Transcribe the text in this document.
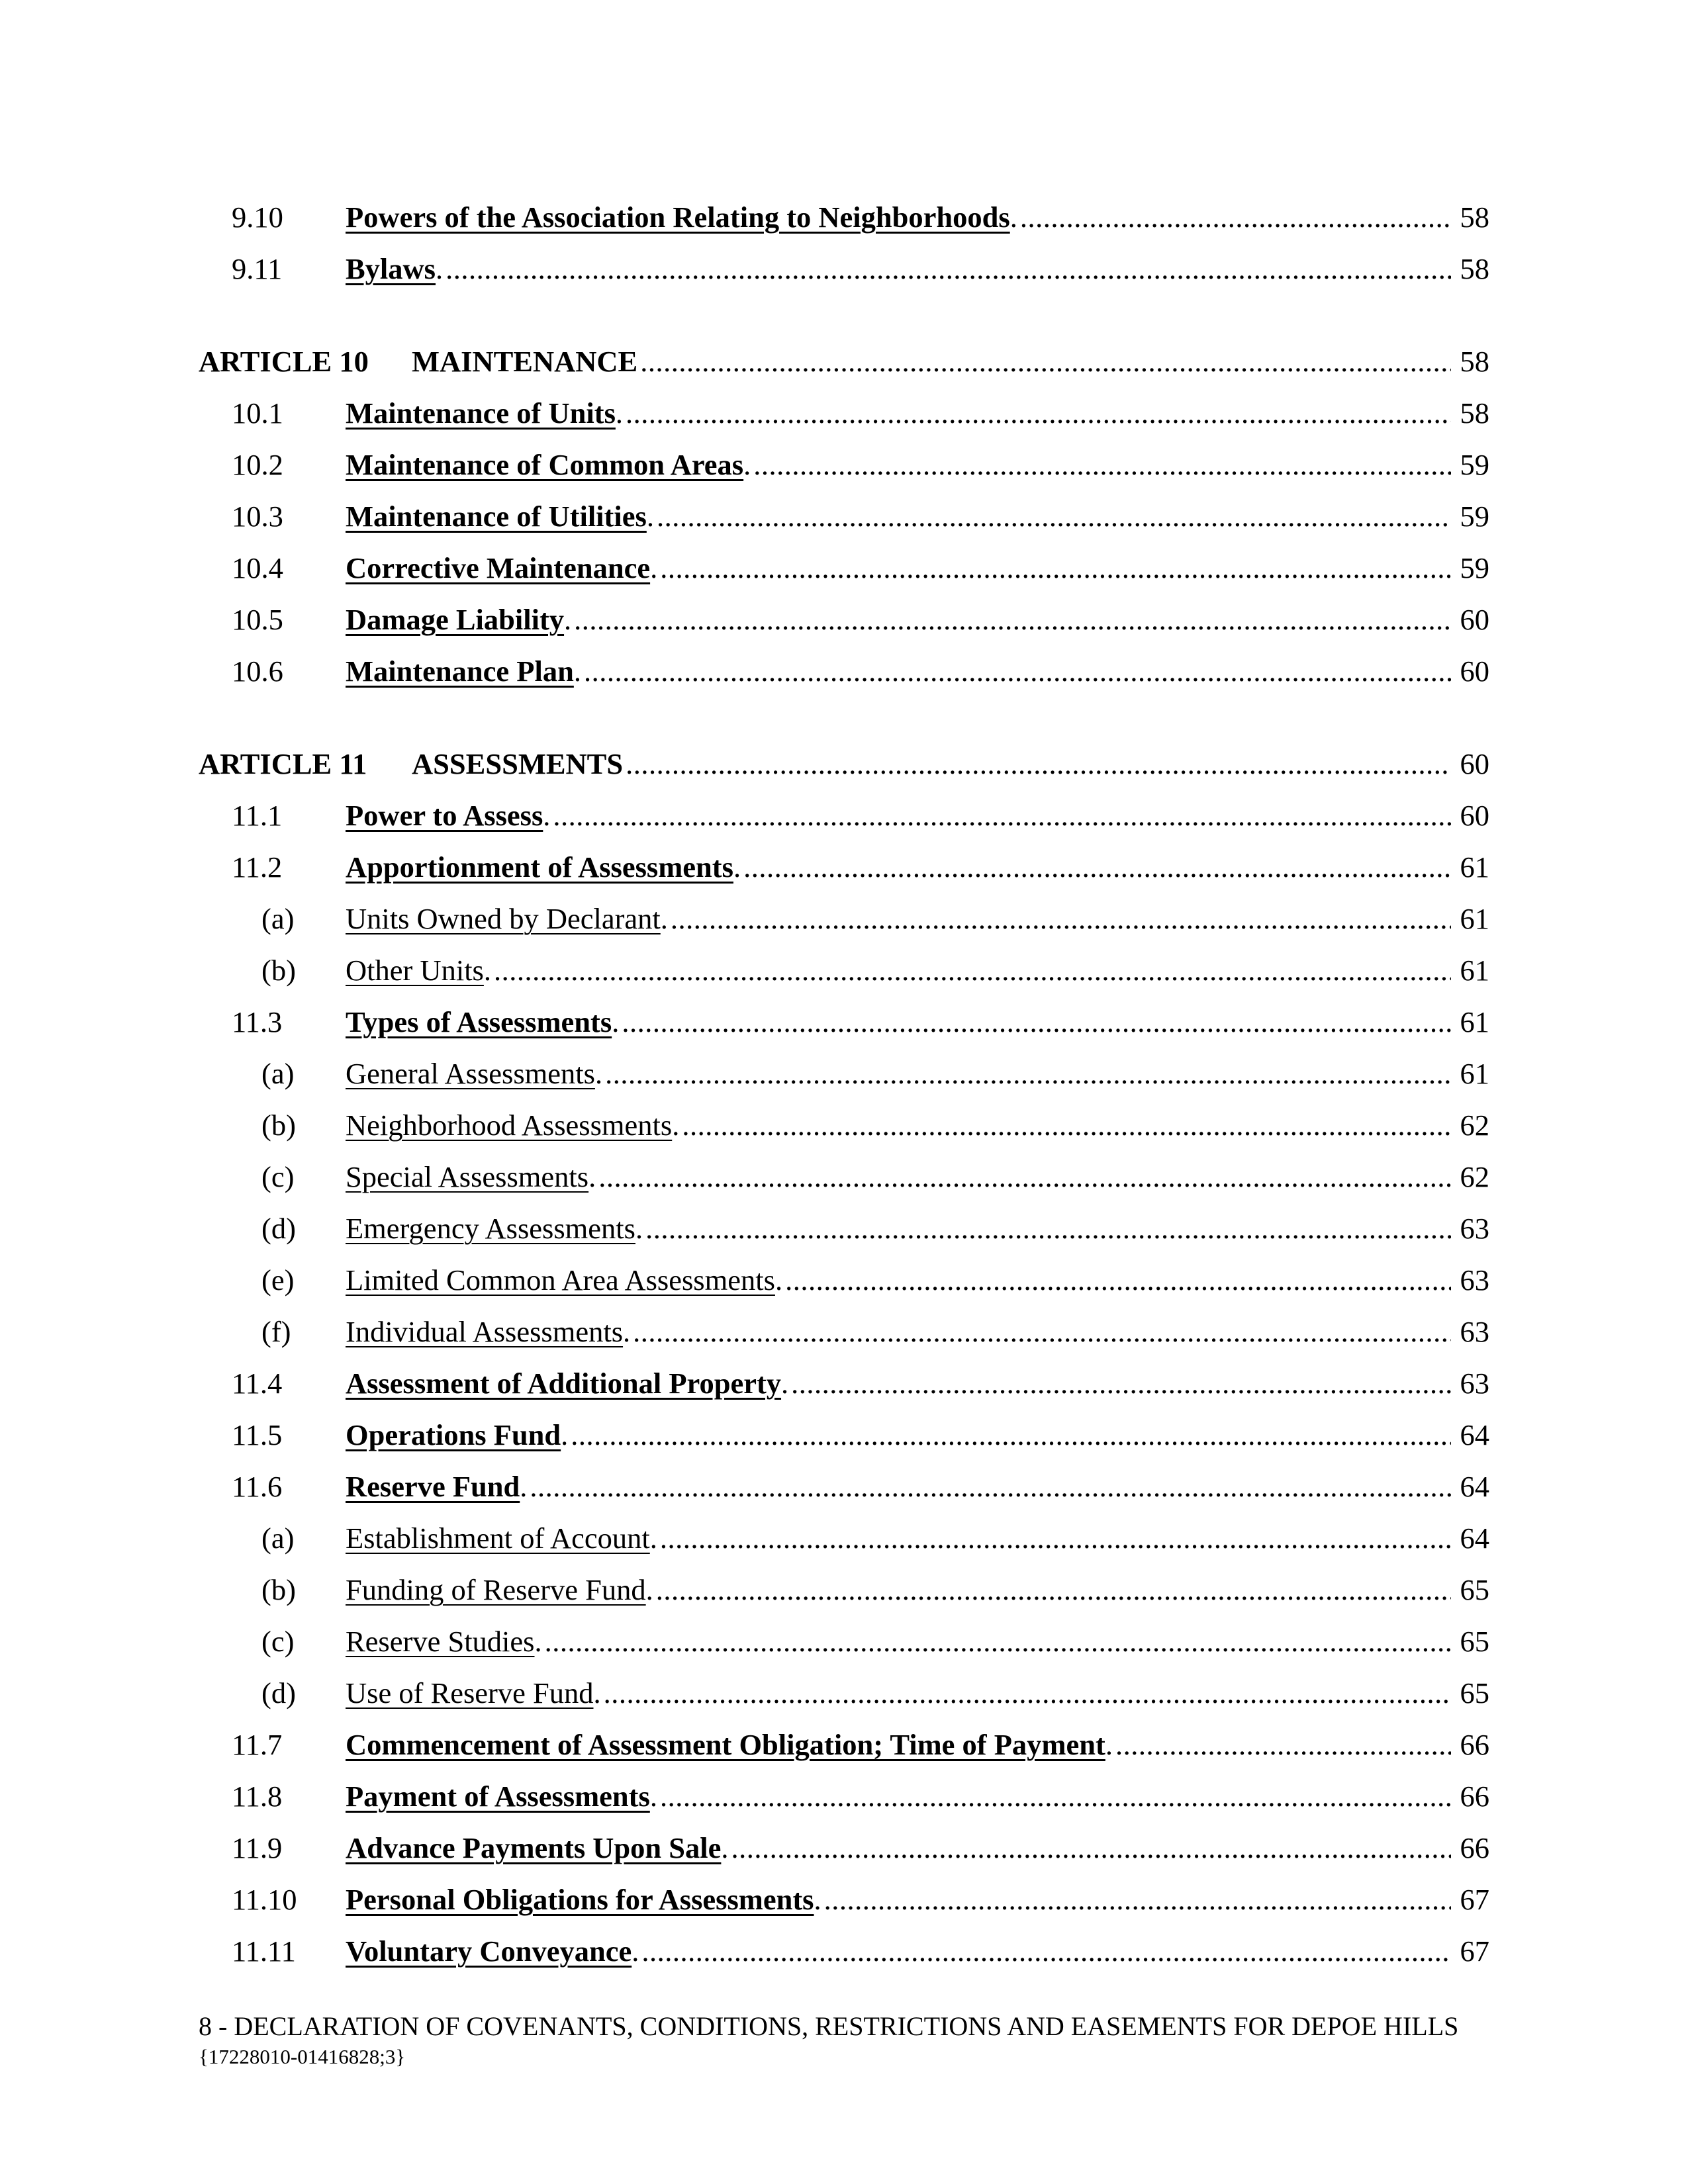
9.10	Powers of the Association Relating to Neighborhoods . .....	58
9.11	Bylaws . .....	58
ARTICLE 10	MAINTENANCE .....	58
10.1	Maintenance of Units . .....	58
10.2	Maintenance of Common Areas . .....	59
10.3	Maintenance of Utilities . .....	59
10.4	Corrective Maintenance . .....	59
10.5	Damage Liability . .....	60
10.6	Maintenance Plan . .....	60
ARTICLE 11	ASSESSMENTS .....	60
11.1	Power to Assess . .....	60
11.2	Apportionment of Assessments . .....	61
(a)	Units Owned by Declarant . .....	61
(b)	Other Units . .....	61
11.3	Types of Assessments . .....	61
(a)	General Assessments . .....	61
(b)	Neighborhood Assessments . .....	62
(c)	Special Assessments . .....	62
(d)	Emergency Assessments . .....	63
(e)	Limited Common Area Assessments . .....	63
(f)	Individual Assessments . .....	63
11.4	Assessment of Additional Property . .....	63
11.5	Operations Fund . .....	64
11.6	Reserve Fund . .....	64
(a)	Establishment of Account . .....	64
(b)	Funding of Reserve Fund . .....	65
(c)	Reserve Studies . .....	65
(d)	Use of Reserve Fund . .....	65
11.7	Commencement of Assessment Obligation; Time of Payment . .....	66
11.8	Payment of Assessments . .....	66
11.9	Advance Payments Upon Sale . .....	66
11.10	Personal Obligations for Assessments . .....	67
11.11	Voluntary Conveyance . .....	67
8 - DECLARATION OF COVENANTS, CONDITIONS, RESTRICTIONS AND EASEMENTS FOR DEPOE HILLS
{17228010-01416828;3}
